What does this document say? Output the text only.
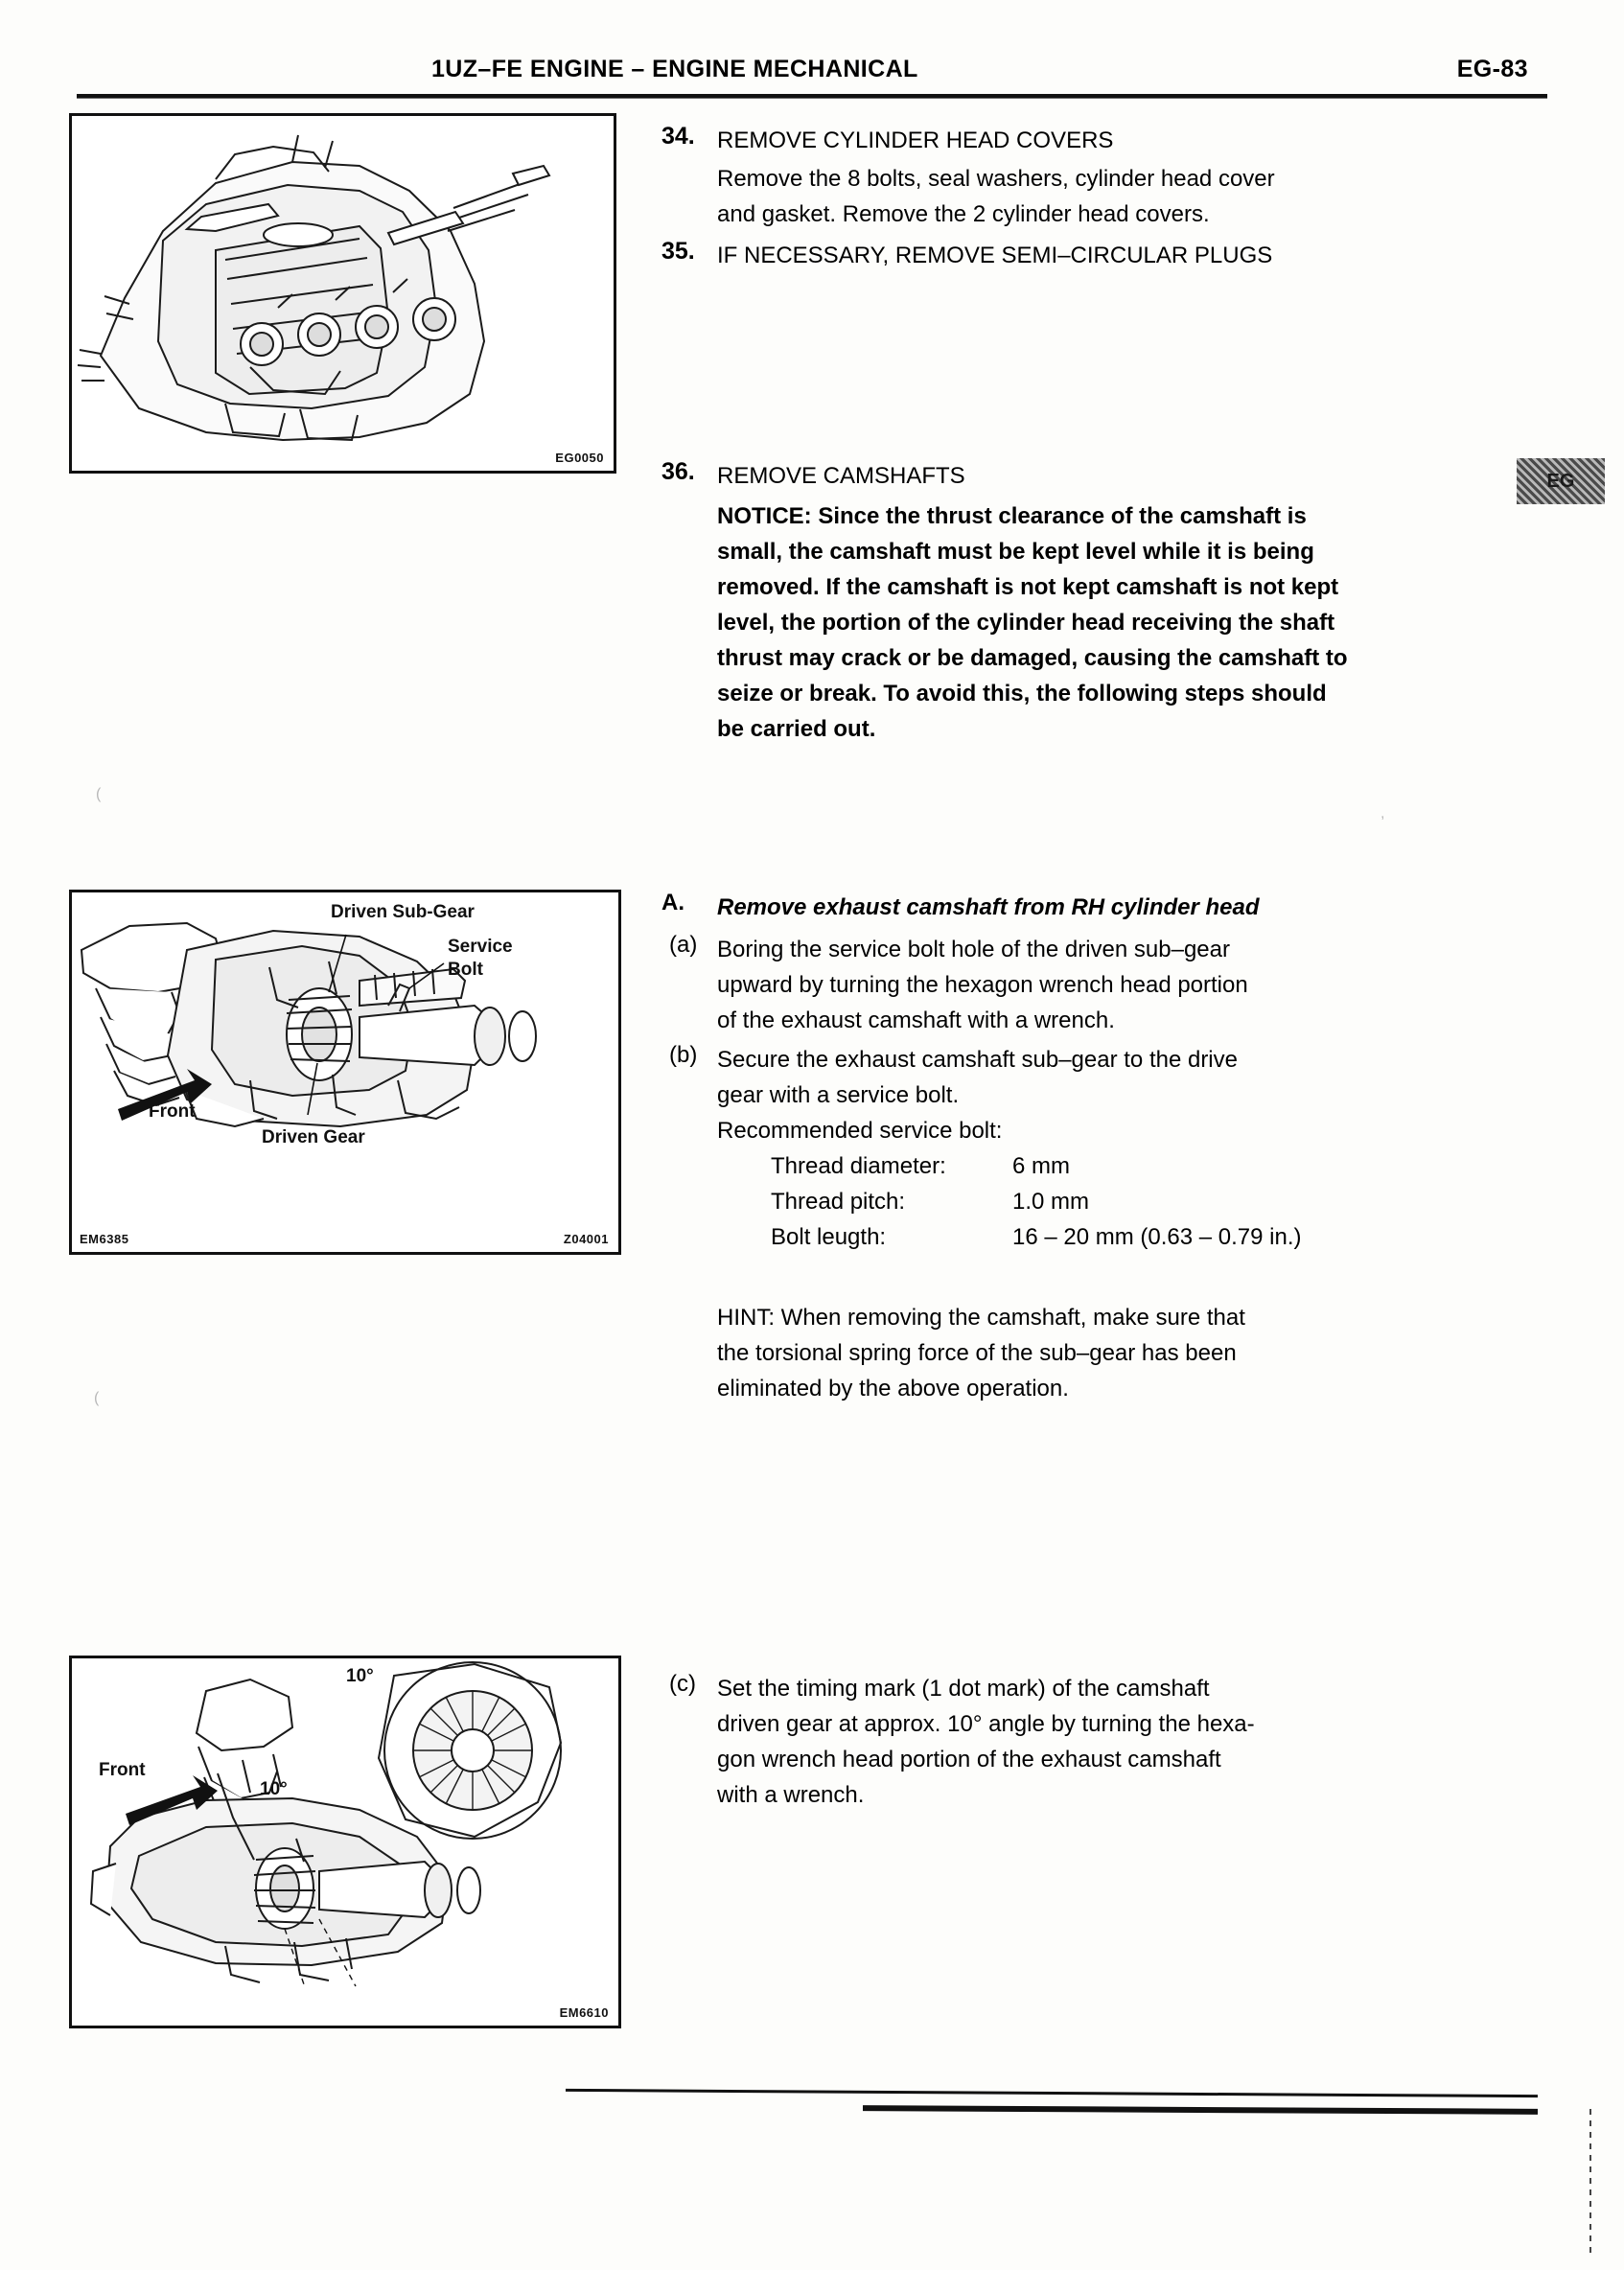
1UZ–FE ENGINE – ENGINE MECHANICAL	EG-83
EG
EG0050
Driven Sub-Gear
Service
Bolt
Front
Driven Gear
EM6385	Z04001
10°
10°
Front
EM6610
34. REMOVE CYLINDER HEAD COVERS
Remove the 8 bolts, seal washers, cylinder head cover
and gasket. Remove the 2 cylinder head covers.
35. IF NECESSARY, REMOVE SEMI–CIRCULAR PLUGS
36. REMOVE CAMSHAFTS
NOTICE: Since the thrust clearance of the camshaft is
small, the camshaft must be kept level while it is being
removed. If the camshaft is not kept camshaft is not kept
level, the portion of the cylinder head receiving the shaft
thrust may crack or be damaged, causing the camshaft to
seize or break. To avoid this, the following steps should
be carried out.
A. Remove exhaust camshaft from RH cylinder head
(a) Boring the service bolt hole of the driven sub–gear
upward by turning the hexagon wrench head portion
of the exhaust camshaft with a wrench.
(b) Secure the exhaust camshaft sub–gear to the drive
gear with a service bolt.
Recommended service bolt:
Thread diameter:	6 mm
Thread pitch:	1.0 mm
Bolt leugth:	16 – 20 mm (0.63 – 0.79 in.)
HINT: When removing the camshaft, make sure that
the torsional spring force of the sub–gear has been
eliminated by the above operation.
(c) Set the timing mark (1 dot mark) of the camshaft
driven gear at approx. 10° angle by turning the hexa-
gon wrench head portion of the exhaust camshaft
with a wrench.
(
(
,
